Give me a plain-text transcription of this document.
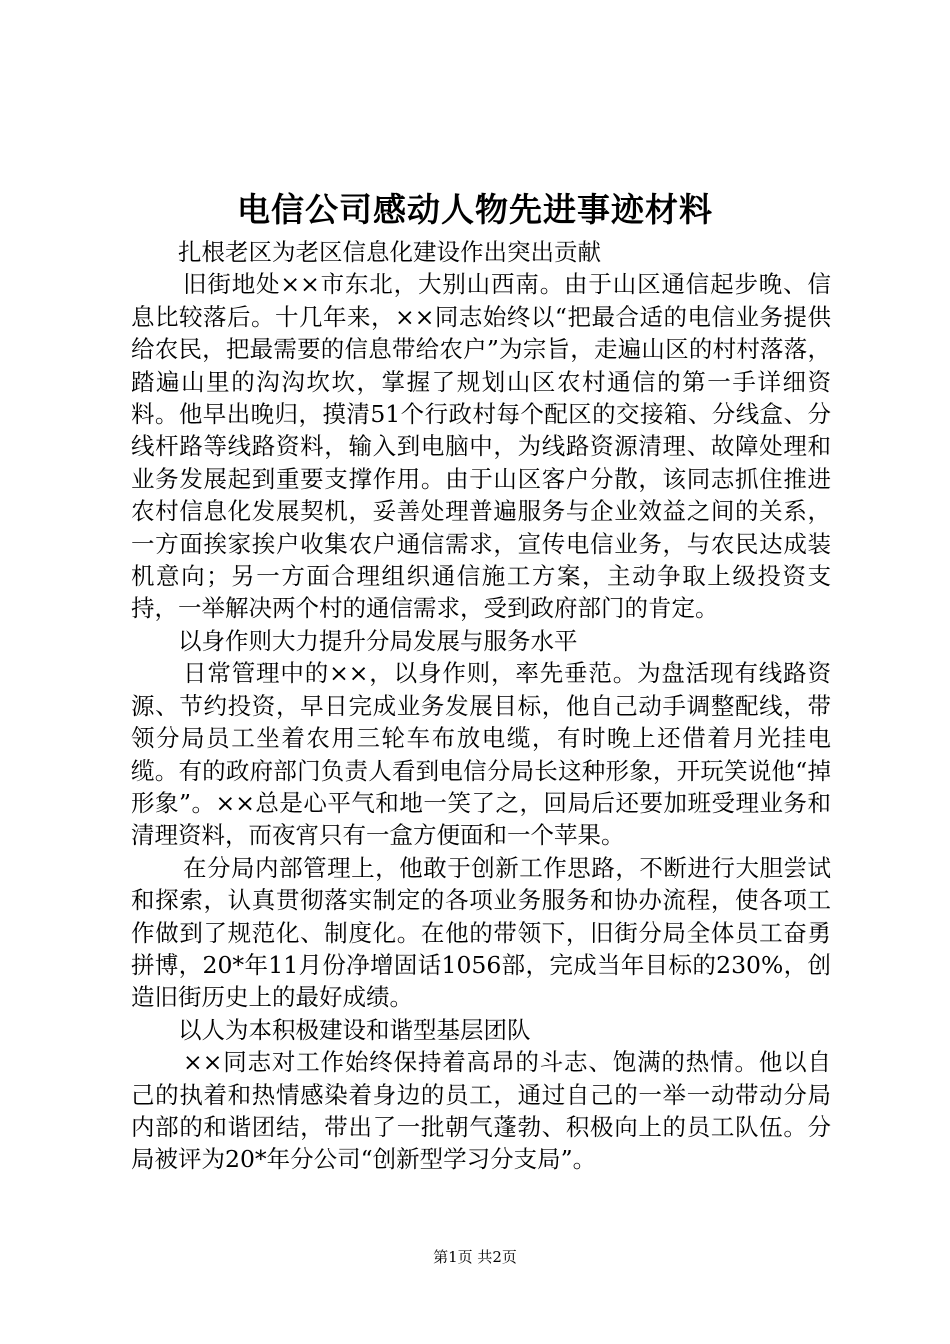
电信公司感动人物先进事迹材料

扎根老区为老区信息化建设作出突出贡献

旧街地处××市东北，大别山西南。由于山区通信起步晚、信息比较落后。十几年来，××同志始终以“把最合适的电信业务提供给农民，把最需要的信息带给农户”为宗旨，走遍山区的村村落落，踏遍山里的沟沟坎坎，掌握了规划山区农村通信的第一手详细资料。他早出晚归，摸清51个行政村每个配区的交接箱、分线盒、分线杆路等线路资料，输入到电脑中，为线路资源清理、故障处理和业务发展起到重要支撑作用。由于山区客户分散，该同志抓住推进农村信息化发展契机，妥善处理普遍服务与企业效益之间的关系，一方面挨家挨户收集农户通信需求，宣传电信业务，与农民达成装机意向；另一方面合理组织通信施工方案，主动争取上级投资支持，一举解决两个村的通信需求，受到政府部门的肯定。

以身作则大力提升分局发展与服务水平

日常管理中的××，以身作则，率先垂范。为盘活现有线路资源、节约投资，早日完成业务发展目标，他自己动手调整配线，带领分局员工坐着农用三轮车布放电缆，有时晚上还借着月光挂电缆。有的政府部门负责人看到电信分局长这种形象，开玩笑说他“掉形象”。××总是心平气和地一笑了之，回局后还要加班受理业务和清理资料，而夜宵只有一盒方便面和一个苹果。

在分局内部管理上，他敢于创新工作思路，不断进行大胆尝试和探索，认真贯彻落实制定的各项业务服务和协办流程，使各项工作做到了规范化、制度化。在他的带领下，旧街分局全体员工奋勇拼博，20*年11月份净增固话1056部，完成当年目标的230%，创造旧街历史上的最好成绩。

以人为本积极建设和谐型基层团队

××同志对工作始终保持着高昂的斗志、饱满的热情。他以自己的执着和热情感染着身边的员工，通过自己的一举一动带动分局内部的和谐团结，带出了一批朝气蓬勃、积极向上的员工队伍。分局被评为20*年分公司“创新型学习分支局”。

第1页 共2页
